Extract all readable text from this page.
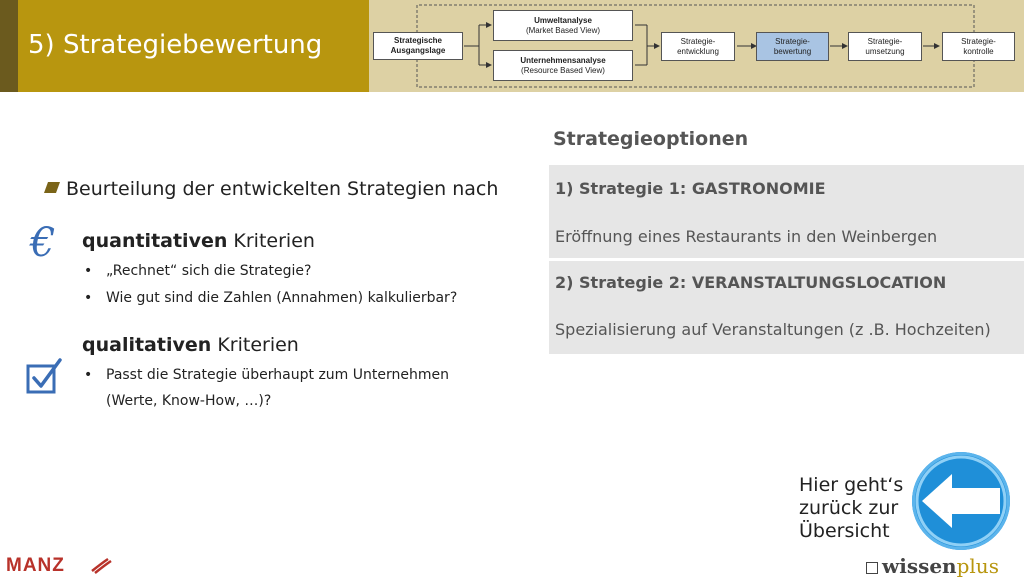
5) Strategiebewertung	Strategische
Ausgangslage
Umweltanalyse
(Market Based View)
Unternehmensanalyse
(Resource Based View)
Strategie-
entwicklung
Strategie-
bewertung
Strategie-
umsetzung
Strategie-
kontrolle
Beurteilung der entwickelten Strategien nach
€ quantitativen Kriterien
• „Rechnet“ sich die Strategie?
• Wie gut sind die Zahlen (Annahmen) kalkulierbar?
qualitativen Kriterien
• Passt die Strategie überhaupt zum Unternehmen
(Werte, Know-How, …)?
Strategieoptionen
1) Strategie 1: GASTRONOMIE
Eröffnung eines Restaurants in den Weinbergen
2) Strategie 2: VERANSTALTUNGSLOCATION
Spezialisierung auf Veranstaltungen (z .B. Hochzeiten)
Hier geht‘s
zurück zur
Übersicht
MANZ	wissenplus
